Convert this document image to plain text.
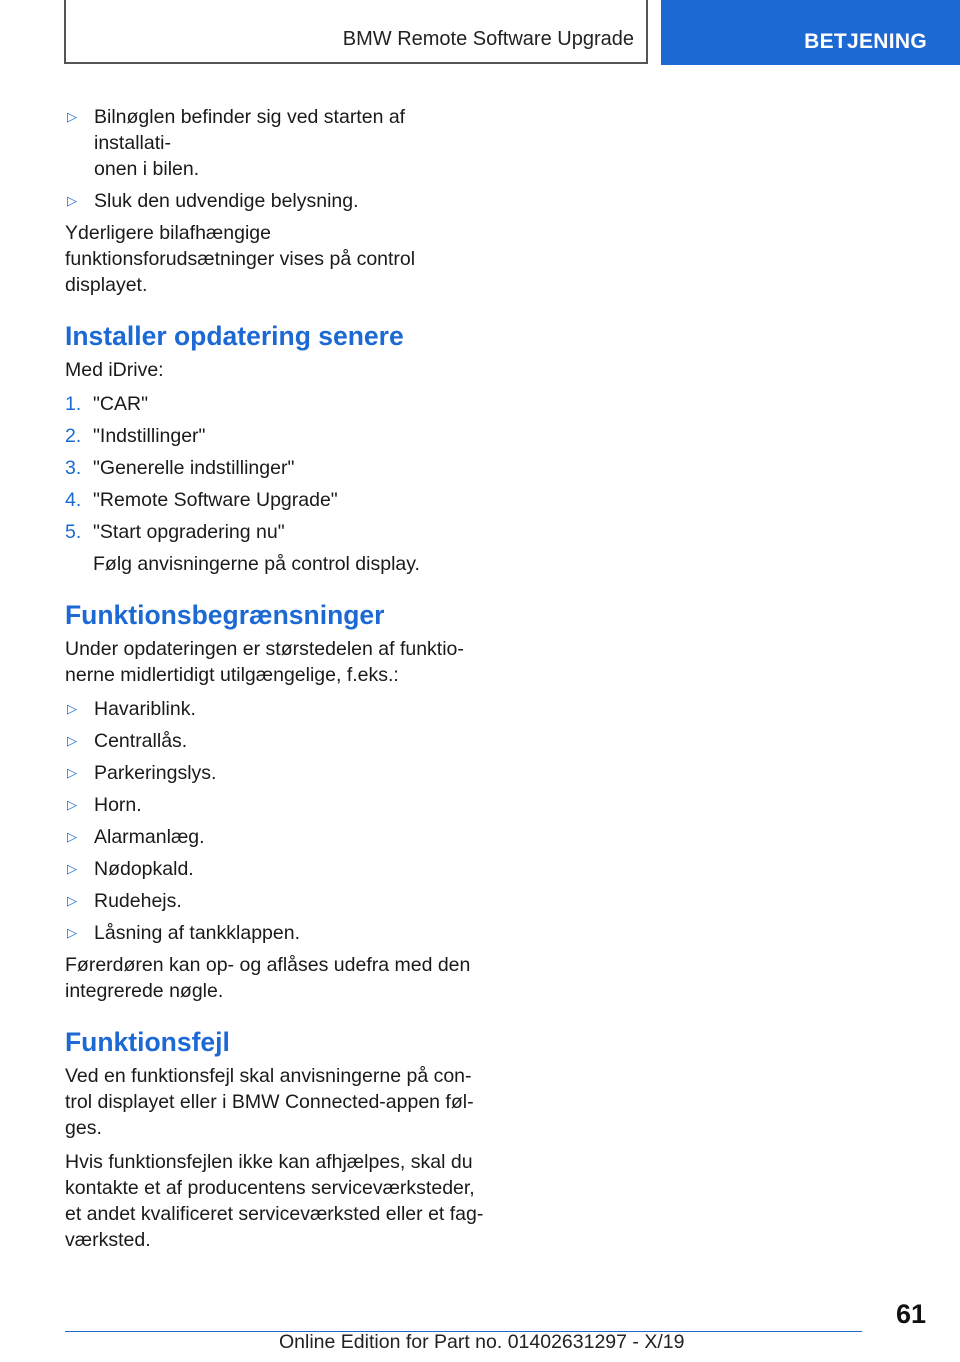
BMW Remote Software Upgrade	BETJENING
▷ Bilnøglen befinder sig ved starten af installati-
onen i bilen.
▷ Sluk den udvendige belysning.

Yderligere bilafhængige funktionsforudsætninger vises på control displayet.

Installer opdatering senere

Med iDrive:

1. "CAR"
2. "Indstillinger"
3. "Generelle indstillinger"
4. "Remote Software Upgrade"
5. "Start opgradering nu"
Følg anvisningerne på control display.
Funktionsbegrænsninger

Under opdateringen er størstedelen af funktio-
nerne midlertidigt utilgængelige, f.eks.:

▷ Havariblink.
▷ Centrallås.
▷ Parkeringslys.
▷ Horn.
▷ Alarmanlæg.
▷ Nødopkald.
▷ Rudehejs.
▷ Låsning af tankklappen.

Førerdøren kan op- og aflåses udefra med den integrerede nøgle.

Funktionsfejl

Ved en funktionsfejl skal anvisningerne på con-
trol displayet eller i BMW Connected-appen føl-
ges.

Hvis funktionsfejlen ikke kan afhjælpes, skal du kontakte et af producentens serviceværksteder, et andet kvalificeret serviceværksted eller et fag-
værksted.

61
Online Edition for Part no. 01402631297 - X/19
